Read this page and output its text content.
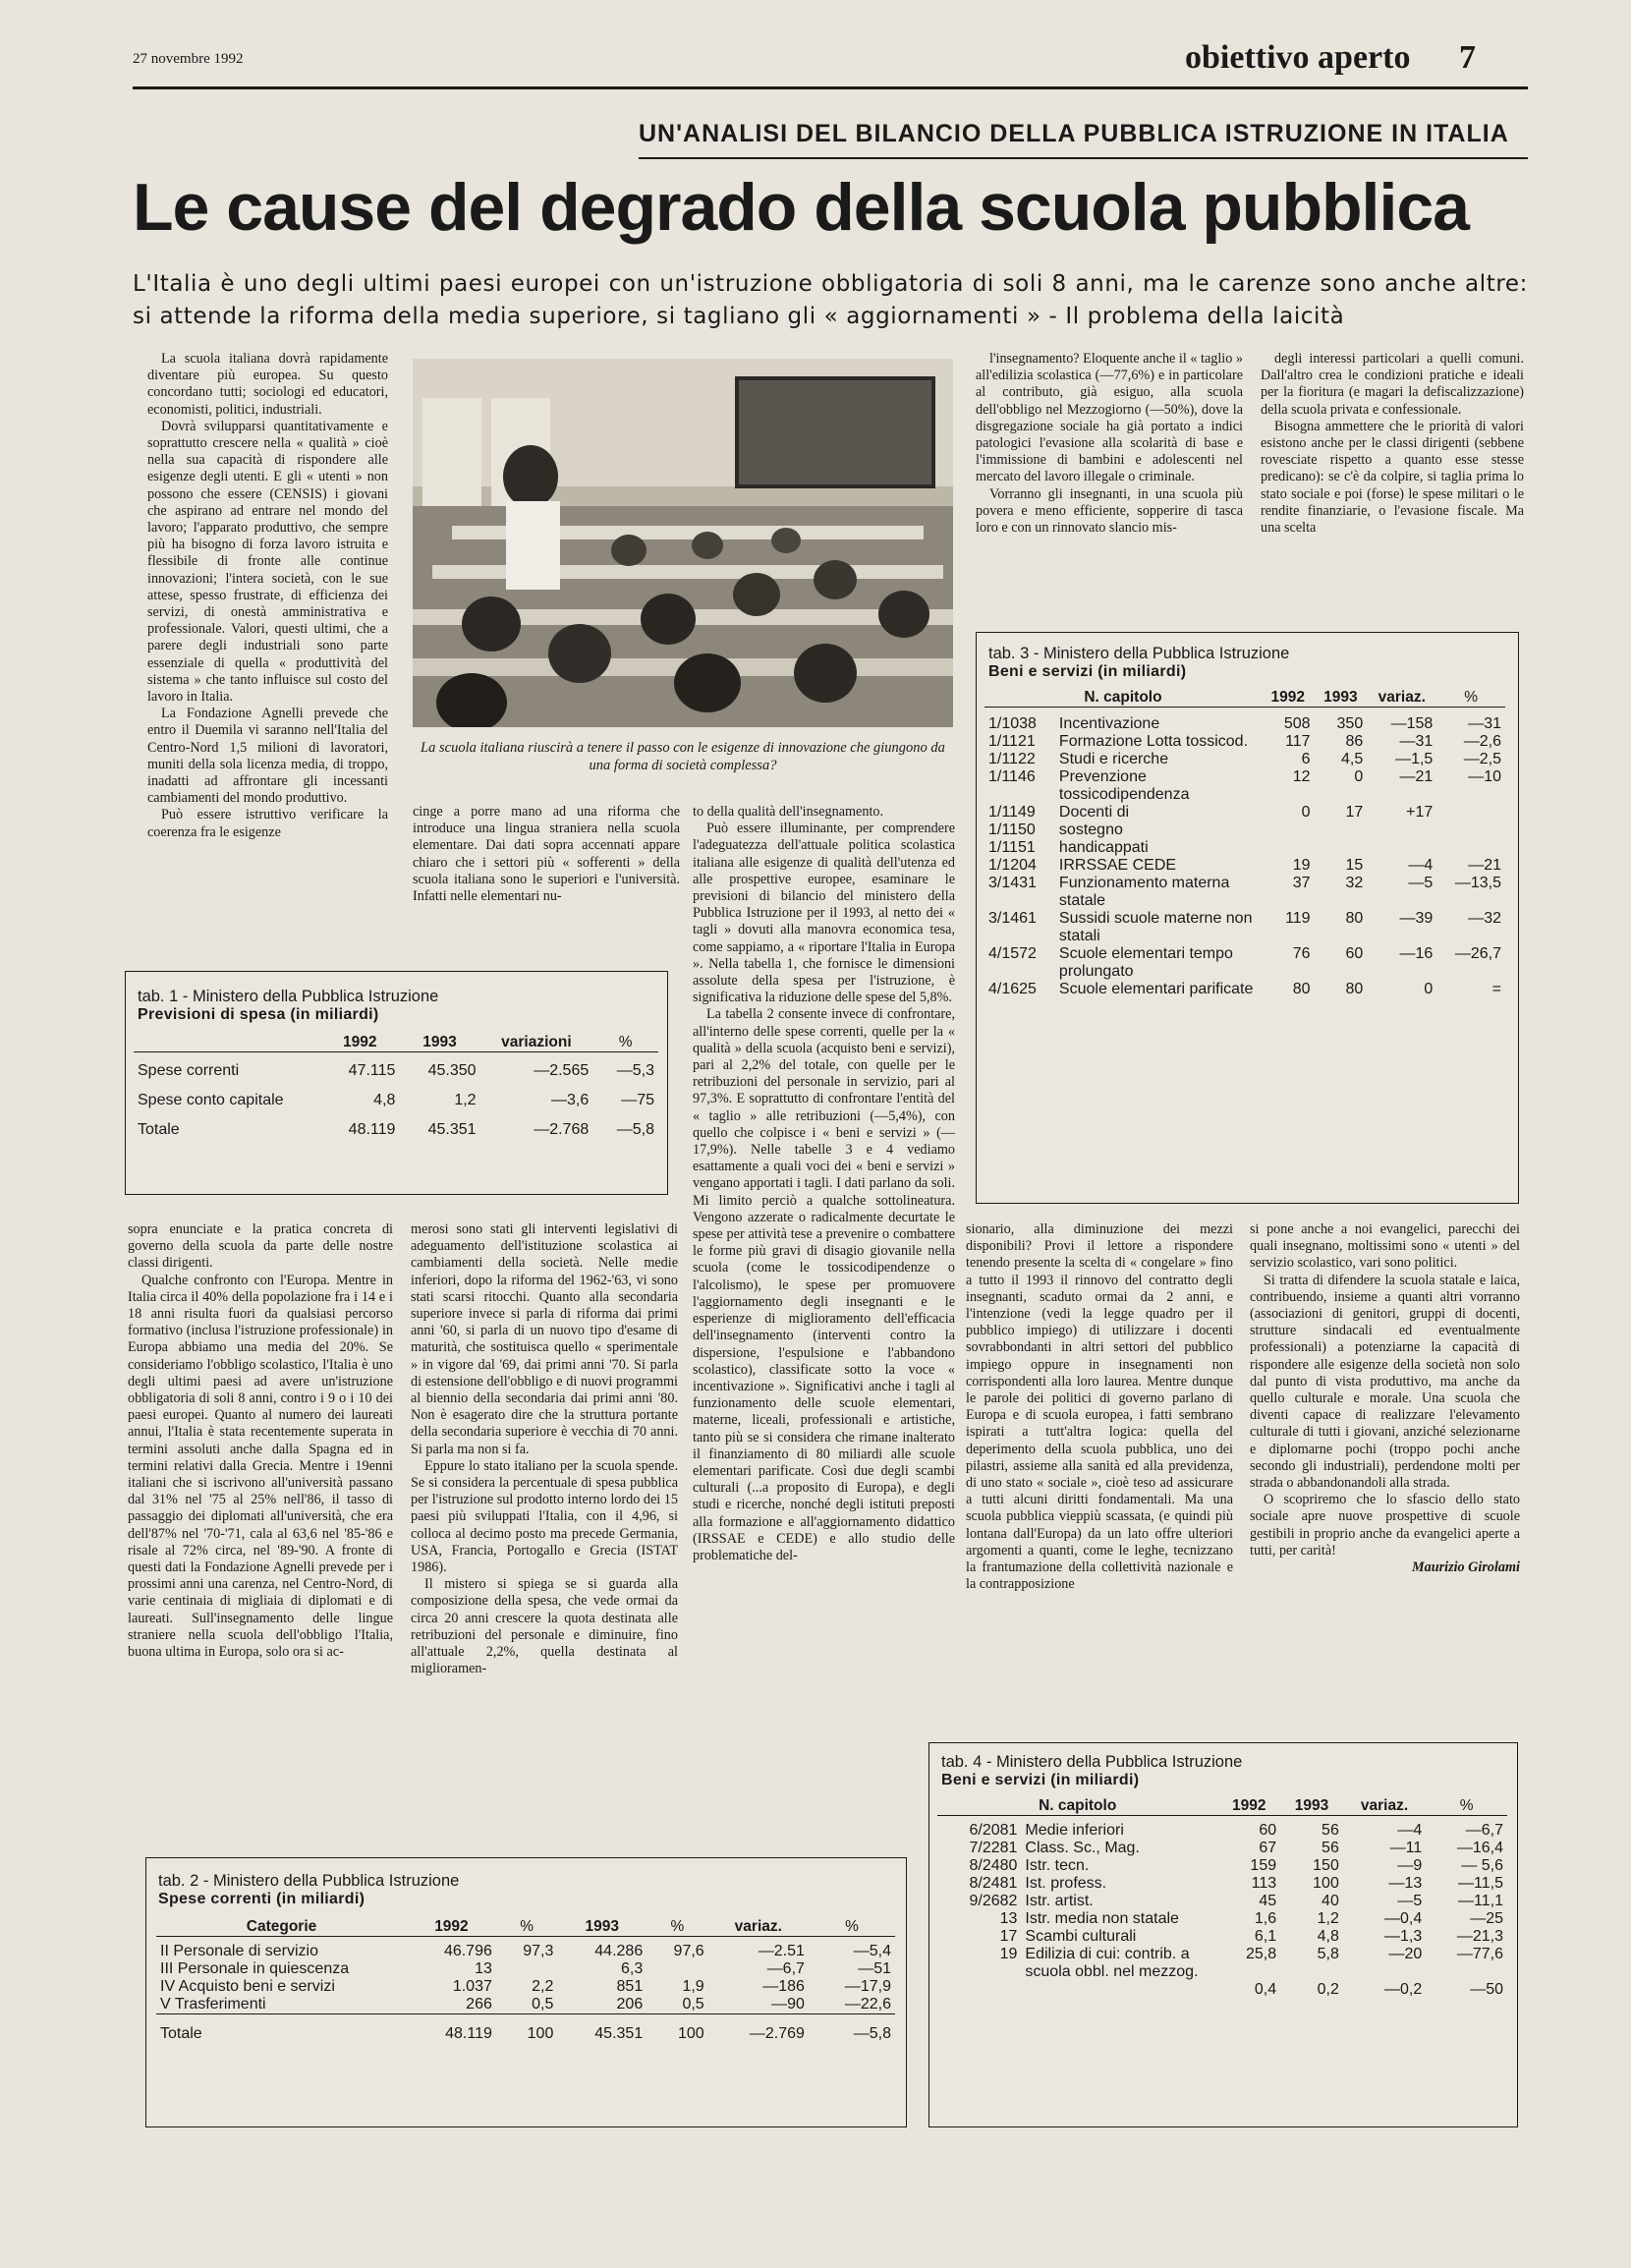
27 novembre 1992	obiettivo aperto 7
UN'ANALISI DEL BILANCIO DELLA PUBBLICA ISTRUZIONE IN ITALIA
Le cause del degrado della scuola pubblica
L'Italia è uno degli ultimi paesi europei con un'istruzione obbligatoria di soli 8 anni, ma le carenze sono anche altre: si attende la riforma della media superiore, si tagliano gli « aggiornamenti » - Il problema della laicità

La scuola italiana dovrà rapidamente diventare più europea. Su questo concordano tutti; sociologi ed educatori, economisti, politici, industriali.

Dovrà svilupparsi quantitativamente e soprattutto crescere nella « qualità » cioè nella sua capacità di rispondere alle esigenze degli utenti. E gli « utenti » non possono che essere (CENSIS) i giovani che aspirano ad entrare nel mondo del lavoro; l'apparato produttivo, che sempre più ha bisogno di forza lavoro istruita e flessibile di fronte alle continue innovazioni; l'intera società, con le sue attese, spesso frustrate, di efficienza dei servizi, di onestà amministrativa e professionale. Valori, questi ultimi, che a parere degli industriali sono parte essenziale di quella « produttività del sistema » che tanto influisce sul costo del lavoro in Italia.

La Fondazione Agnelli prevede che entro il Duemila vi saranno nell'Italia del Centro-Nord 1,5 milioni di lavoratori, muniti della sola licenza media, di troppo, inadatti ad affrontare gli incessanti cambiamenti del mondo produttivo.

Può essere istruttivo verificare la coerenza fra le esigenze

La scuola italiana riuscirà a tenere il passo con le esigenze di innovazione che giungono da una forma di società complessa?

l'insegnamento? Eloquente anche il « taglio » all'edilizia scolastica (—77,6%) e in particolare al contributo, già esiguo, alla scuola dell'obbligo nel Mezzogiorno (—50%), dove la disgregazione sociale ha già portato a indici patologici l'evasione alla scolarità di base e l'immissione di bambini e adolescenti nel mercato del lavoro illegale o criminale.

Vorranno gli insegnanti, in una scuola più povera e meno efficiente, sopperire di tasca loro e con un rinnovato slancio mis-

degli interessi particolari a quelli comuni. Dall'altro crea le condizioni pratiche e ideali per la fioritura (e magari la defiscalizzazione) della scuola privata e confessionale.

Bisogna ammettere che le priorità di valori esistono anche per le classi dirigenti (sebbene rovesciate rispetto a quanto esse stesse predicano): se c'è da colpire, si taglia prima lo stato sociale e poi (forse) le spese militari o le rendite finanziarie, o l'evasione fiscale. Ma una scelta

tab. 3 - Ministero della Pubblica Istruzione
Beni e servizi (in miliardi)
N. capitolo		1992	1993	variaz.	%

1/1038	Incentivazione	508	350	—158	—31
1/1121	Formazione Lotta tossicod.	117	86	—31	—2,6
1/1122	Studi e ricerche	6	4,5	—1,5	—2,5
1/1146	Prevenzione tossicodipendenza	12	0	—21	—10
1/1149	Docenti di	0	17	+17	
1/1150	sostegno				
1/1151	handicappati				
1/1204	IRRSSAE CEDE	19	15	—4	—21
3/1431	Funzionamento materna statale	37	32	—5	—13,5
3/1461	Sussidi scuole materne non statali	119	80	—39	—32
4/1572	Scuole elementari tempo prolungato	76	60	—16	—26,7
4/1625	Scuole elementari parificate	80	80	0	=

cinge a porre mano ad una riforma che introduce una lingua straniera nella scuola elementare. Dai dati sopra accennati appare chiaro che i settori più « sofferenti » della scuola italiana sono le superiori e l'università. Infatti nelle elementari nu-

to della qualità dell'insegnamento.

Può essere illuminante, per comprendere l'adeguatezza dell'attuale politica scolastica italiana alle esigenze di qualità dell'utenza ed alle prospettive europee, esaminare le previsioni di bilancio del ministero della Pubblica Istruzione per il 1993, al netto dei « tagli » dovuti alla manovra economica tesa, come sappiamo, a « riportare l'Italia in Europa ». Nella tabella 1, che fornisce le dimensioni assolute della spesa per l'istruzione, è significativa la riduzione delle spese del 5,8%.

La tabella 2 consente invece di confrontare, all'interno delle spese correnti, quelle per la « qualità » della scuola (acquisto beni e servizi), pari al 2,2% del totale, con quelle per le retribuzioni del personale in servizio, pari al 97,3%. E soprattutto di confrontare l'entità del « taglio » alle retribuzioni (—5,4%), con quello che colpisce i « beni e servizi » (—17,9%). Nelle tabelle 3 e 4 vediamo esattamente a quali voci dei « beni e servizi » vengano apportati i tagli. I dati parlano da soli. Mi limito perciò a qualche sottolineatura. Vengono azzerate o radicalmente decurtate le spese per attività tese a prevenire o combattere le forme più gravi di disagio giovanile nella scuola (come le tossicodipendenze o l'alcolismo), le spese per promuovere l'aggiornamento degli insegnanti e le esperienze di miglioramento dell'efficacia dell'insegnamento (interventi contro la dispersione, l'espulsione e l'abbandono scolastico), classificate sotto la voce « incentivazione ». Significativi anche i tagli al funzionamento delle scuole elementari, materne, liceali, professionali e artistiche, tanto più se si considera che rimane inalterato il finanziamento di 80 miliardi alle scuole elementari parificate. Così due degli scambi culturali (...a proposito di Europa), e degli studi e ricerche, nonché degli istituti preposti alla formazione e all'aggiornamento didattico (IRSSAE e CEDE) e allo studio delle problematiche del-

tab. 1 - Ministero della Pubblica Istruzione
Previsioni di spesa (in miliardi)
	1992	1993	variazioni	%

Spese correnti	47.115	45.350	—2.565	—5,3
Spese conto capitale	4,8	1,2	—3,6	—75
Totale	48.119	45.351	—2.768	—5,8

sopra enunciate e la pratica concreta di governo della scuola da parte delle nostre classi dirigenti.

Qualche confronto con l'Europa. Mentre in Italia circa il 40% della popolazione fra i 14 e i 18 anni risulta fuori da qualsiasi percorso formativo (inclusa l'istruzione professionale) in Europa abbiamo una media del 20%. Se consideriamo l'obbligo scolastico, l'Italia è uno degli ultimi paesi ad avere un'istruzione obbligatoria di soli 8 anni, contro i 9 o i 10 dei paesi europei. Quanto al numero dei laureati annui, l'Italia è stata recentemente superata in termini assoluti anche dalla Spagna ed in termini relativi dalla Grecia. Mentre i 19enni italiani che si iscrivono all'università passano dal 31% nel '75 al 25% nell'86, il tasso di passaggio dei diplomati all'università, che era dell'87% nel '70-'71, cala al 63,6 nel '85-'86 e risale al 72% circa, nel '89-'90. A fronte di questi dati la Fondazione Agnelli prevede per i prossimi anni una carenza, nel Centro-Nord, di varie centinaia di migliaia di diplomati e di laureati. Sull'insegnamento delle lingue straniere nella scuola dell'obbligo l'Italia, buona ultima in Europa, solo ora si ac-

merosi sono stati gli interventi legislativi di adeguamento dell'istituzione scolastica ai cambiamenti della società. Nelle medie inferiori, dopo la riforma del 1962-'63, vi sono stati scarsi ritocchi. Quanto alla secondaria superiore invece si parla di riforma dai primi anni '60, si parla di un nuovo tipo d'esame di maturità, che sostituisca quello « sperimentale » in vigore dal '69, dai primi anni '70. Si parla di estensione dell'obbligo e di nuovi programmi al biennio della secondaria dai primi anni '80. Non è esagerato dire che la struttura portante della secondaria superiore è vecchia di 70 anni. Si parla ma non si fa.

Eppure lo stato italiano per la scuola spende. Se si considera la percentuale di spesa pubblica per l'istruzione sul prodotto interno lordo dei 15 paesi più sviluppati l'Italia, con il 4,96, si colloca al decimo posto ma precede Germania, USA, Francia, Portogallo e Grecia (ISTAT 1986).

Il mistero si spiega se si guarda alla composizione della spesa, che vede ormai da circa 20 anni crescere la quota destinata alle retribuzioni del personale e diminuire, fino all'attuale 2,2%, quella destinata al miglioramen-

sionario, alla diminuzione dei mezzi disponibili? Provi il lettore a rispondere tenendo presente la scelta di « congelare » fino a tutto il 1993 il rinnovo del contratto degli insegnanti, scaduto ormai da 2 anni, e l'intenzione (vedi la legge quadro per il pubblico impiego) di utilizzare i docenti sovrabbondanti in altri settori del pubblico impiego oppure in insegnamenti non corrispondenti alla loro laurea. Mentre dunque le parole dei politici di governo parlano di Europa e di scuola europea, i fatti sembrano ispirati a tutt'altra logica: quella del deperimento della scuola pubblica, uno dei pilastri, assieme alla sanità ed alla previdenza, di uno stato « sociale », cioè teso ad assicurare a tutti alcuni diritti fondamentali. Ma una scuola pubblica vieppiù scassata, (e quindi più lontana dall'Europa) da un lato offre ulteriori argomenti a quanti, come le leghe, tecnizzano la frantumazione della collettività nazionale e la contrapposizione

si pone anche a noi evangelici, parecchi dei quali insegnano, moltissimi sono « utenti » del servizio scolastico, vari sono politici.

Si tratta di difendere la scuola statale e laica, contribuendo, insieme a quanti altri vorranno (associazioni di genitori, gruppi di docenti, strutture sindacali ed eventualmente professionali) a potenziarne la capacità di rispondere alle esigenze della società non solo dal punto di vista produttivo, ma anche da quello culturale e morale. Una scuola che diventi capace di realizzare l'elevamento culturale di tutti i giovani, anziché selezionarne e diplomarne pochi (troppo pochi anche secondo gli industriali), perdendone molti per strada o abbandonandoli alla strada.

O scopriremo che lo sfascio dello stato sociale apre nuove prospettive di scuole gestibili in proprio anche da evangelici aperte a tutti, per carità!

Maurizio Girolami

tab. 4 - Ministero della Pubblica Istruzione
Beni e servizi (in miliardi)
N. capitolo		1992	1993	variaz.	%

6/2081	Medie inferiori	60	56	—4	—6,7
7/2281	Class. Sc., Mag.	67	56	—11	—16,4
8/2480	Istr. tecn.	159	150	—9	— 5,6
8/2481	Ist. profess.	113	100	—13	—11,5
9/2682	Istr. artist.	45	40	—5	—11,1
13	Istr. media non statale	1,6	1,2	—0,4	—25
17	Scambi culturali	6,1	4,8	—1,3	—21,3
19	Edilizia di cui: contrib. a scuola obbl. nel mezzog.	25,8	5,8	—20	—77,6
		0,4	0,2	—0,2	—50
tab. 2 - Ministero della Pubblica Istruzione
Spese correnti (in miliardi)
Categorie	1992	%	1993	%	variaz.	%

II Personale di servizio	46.796	97,3	44.286	97,6	—2.51	—5,4
III Personale in quiescenza	13		6,3		—6,7	—51
IV Acquisto beni e servizi	1.037	2,2	851	1,9	—186	—17,9
V Trasferimenti	266	0,5	206	0,5	—90	—22,6

Totale	48.119	100	45.351	100	—2.769	—5,8
